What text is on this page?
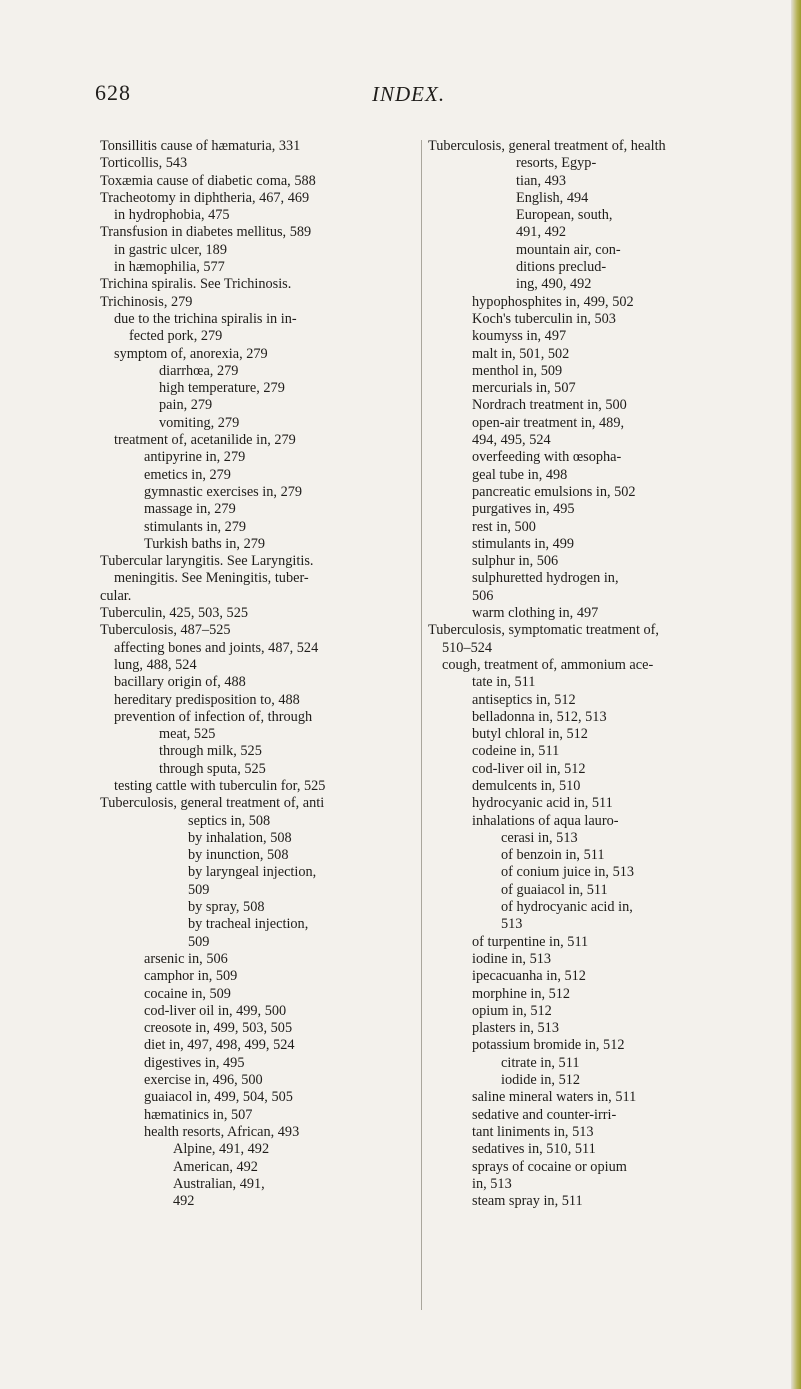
628	INDEX.
Tonsillitis cause of hæmaturia, 331
Torticollis, 543
Toxæmia cause of diabetic coma, 588
Tracheotomy in diphtheria, 467, 469
in hydrophobia, 475
Transfusion in diabetes mellitus, 589
in gastric ulcer, 189
in hæmophilia, 577
Trichina spiralis. See Trichinosis.
Trichinosis, 279
due to the trichina spiralis in in-
fected pork, 279
symptom of, anorexia, 279
diarrhœa, 279
high temperature, 279
pain, 279
vomiting, 279
treatment of, acetanilide in, 279
antipyrine in, 279
emetics in, 279
gymnastic exercises in, 279
massage in, 279
stimulants in, 279
Turkish baths in, 279
Tubercular laryngitis. See Laryngitis.
meningitis. See Meningitis, tuber-
cular.
Tuberculin, 425, 503, 525
Tuberculosis, 487–525
affecting bones and joints, 487, 524
lung, 488, 524
bacillary origin of, 488
hereditary predisposition to, 488
prevention of infection of, through
meat, 525
through milk, 525
through sputa, 525
testing cattle with tuberculin for, 525
Tuberculosis, general treatment of, anti
septics in, 508
by inhalation, 508
by inunction, 508
by laryngeal injection,
509
by spray, 508
by tracheal injection,
509
arsenic in, 506
camphor in, 509
cocaine in, 509
cod-liver oil in, 499, 500
creosote in, 499, 503, 505
diet in, 497, 498, 499, 524
digestives in, 495
exercise in, 496, 500
guaiacol in, 499, 504, 505
hæmatinics in, 507
health resorts, African, 493
Alpine, 491, 492
American, 492
Australian, 491,
492
Tuberculosis, general treatment of, health
resorts, Egyp-
tian, 493
English, 494
European, south,
491, 492
mountain air, con-
ditions preclud-
ing, 490, 492
hypophosphites in, 499, 502
Koch's tuberculin in, 503
koumyss in, 497
malt in, 501, 502
menthol in, 509
mercurials in, 507
Nordrach treatment in, 500
open-air treatment in, 489,
494, 495, 524
overfeeding with œsopha-
geal tube in, 498
pancreatic emulsions in, 502
purgatives in, 495
rest in, 500
stimulants in, 499
sulphur in, 506
sulphuretted hydrogen in,
506
warm clothing in, 497
Tuberculosis, symptomatic treatment of,
510–524
cough, treatment of, ammonium ace-
tate in, 511
antiseptics in, 512
belladonna in, 512, 513
butyl chloral in, 512
codeine in, 511
cod-liver oil in, 512
demulcents in, 510
hydrocyanic acid in, 511
inhalations of aqua lauro-
cerasi in, 513
of benzoin in, 511
of conium juice in, 513
of guaiacol in, 511
of hydrocyanic acid in,
513
of turpentine in, 511
iodine in, 513
ipecacuanha in, 512
morphine in, 512
opium in, 512
plasters in, 513
potassium bromide in, 512
citrate in, 511
iodide in, 512
saline mineral waters in, 511
sedative and counter-irri-
tant liniments in, 513
sedatives in, 510, 511
sprays of cocaine or opium
in, 513
steam spray in, 511
